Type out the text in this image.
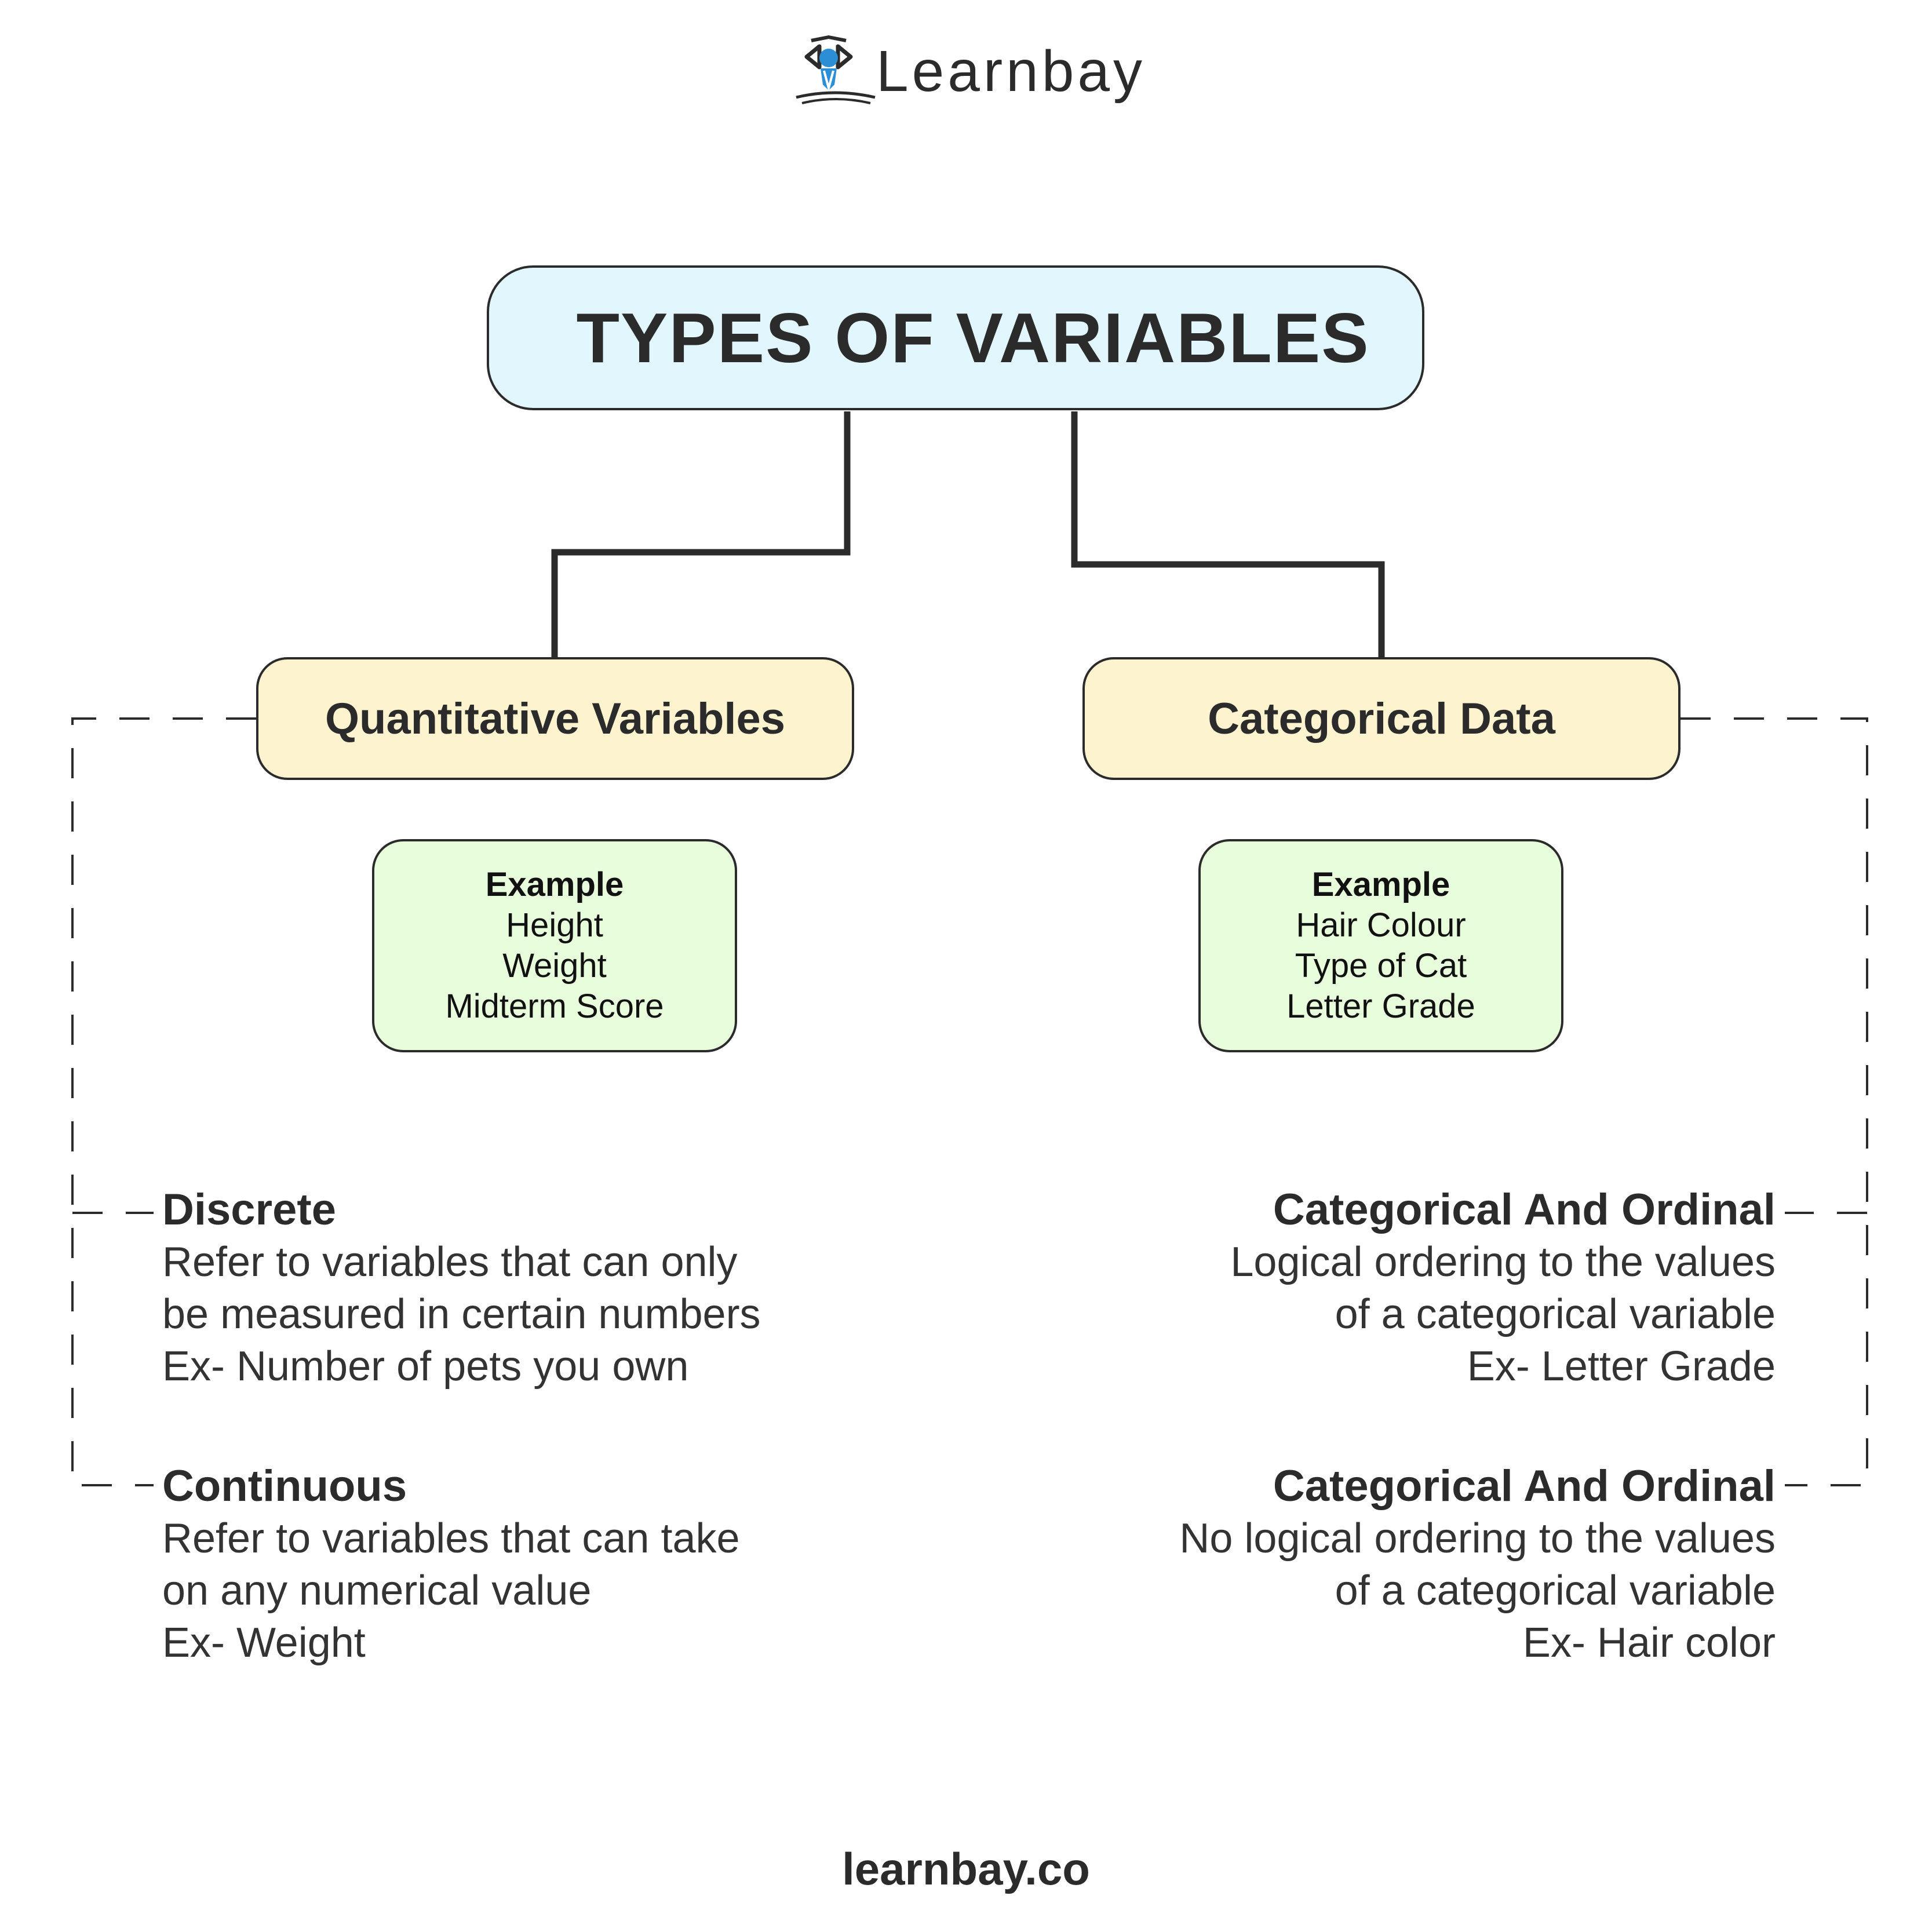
Learnbay
TYPES OF VARIABLES
Quantitative Variables	Categorical Data
Example
Height
Weight
Midterm Score
Example
Hair Colour
Type of Cat
Letter Grade
Discrete
Refer to variables that can only
be measured in certain numbers
Ex- Number of pets you own
Continuous
Refer to variables that can take
on any numerical value
Ex- Weight
Categorical And Ordinal
Logical ordering to the values
of a categorical variable
Ex- Letter Grade
Categorical And Ordinal
No logical ordering to the values
of a categorical variable
Ex- Hair color
learnbay.co
